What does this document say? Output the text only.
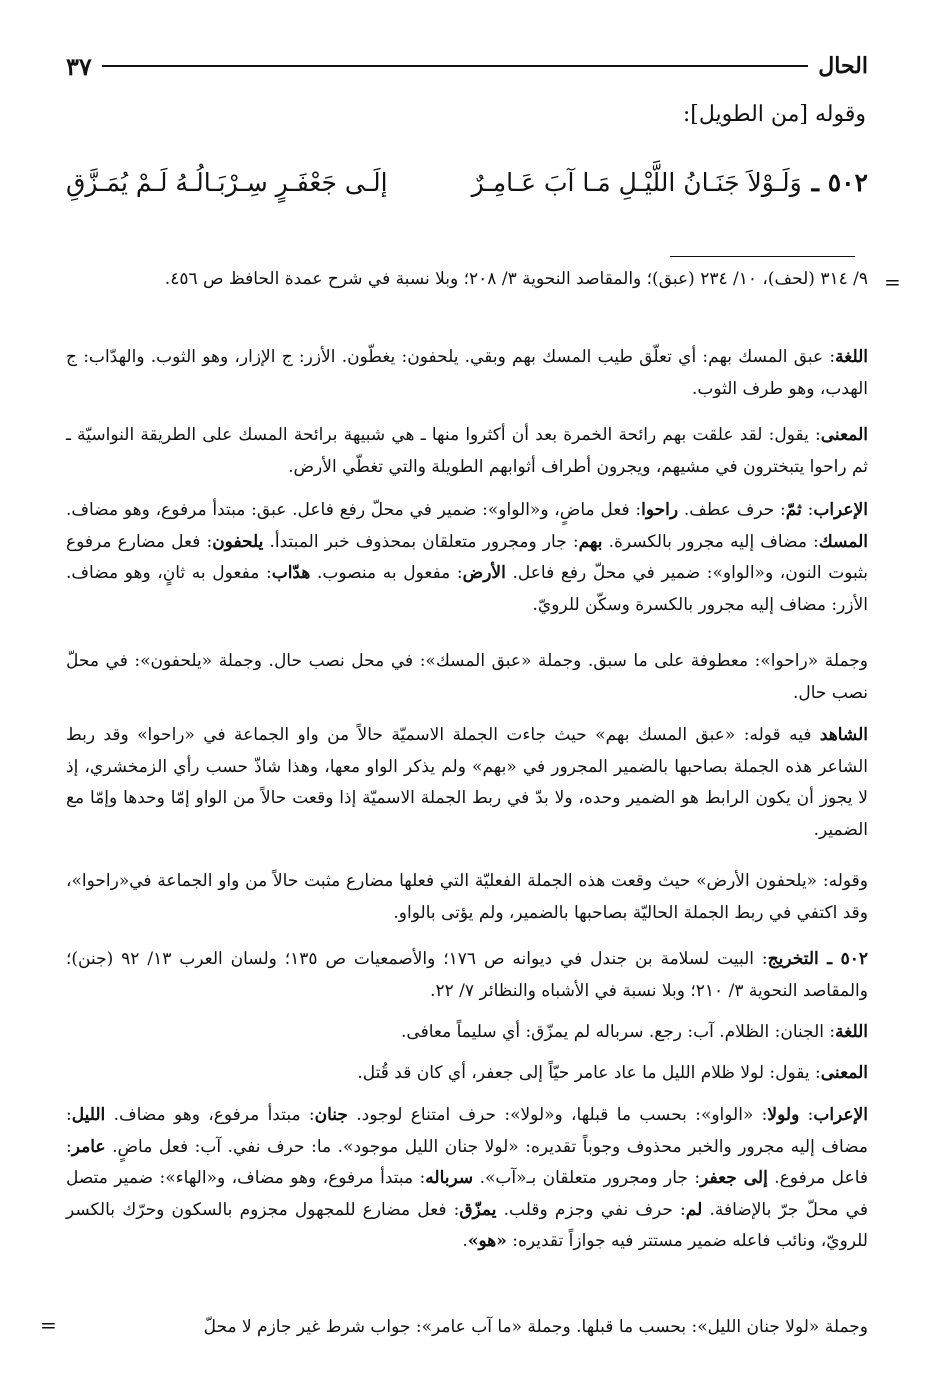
الحال
٣٧
وقوله [من الطويل]:
٥٠٢ ـ
وَلَـوْلاَ جَنَـانُ اللَّيْـلِ مَـا آبَ عَـامِـرٌ
إلَـى جَعْفَـرٍ سِـرْبَـالُـهُ لَـمْ يُمَـزَّقِ
=
=

٩/ ٣١٤ (لحف)، ١٠/ ٢٣٤ (عبق)؛ والمقاصد النحوية ٣/ ٢٠٨؛ وبلا نسبة في شرح عمدة الحافظ ص ٤٥٦.

اللغة: عبق المسك بهم: أي تعلّق طيب المسك بهم وبقي. يلحفون: يغطّون. الأزر: ج الإزار، وهو الثوب. والهدّاب: ج الهدب، وهو طرف الثوب.

المعنى: يقول: لقد علقت بهم رائحة الخمرة بعد أن أكثروا منها ـ هي شبيهة برائحة المسك على الطريقة النواسيّة ـ ثم راحوا يتبخترون في مشيهم، ويجرون أطراف أثوابهم الطويلة والتي تغطّي الأرض.

الإعراب: ثمّ: حرف عطف. راحوا: فعل ماضٍ، و«الواو»: ضمير في محلّ رفع فاعل. عبق: مبتدأ مرفوع، وهو مضاف. المسك: مضاف إليه مجرور بالكسرة. بهم: جار ومجرور متعلقان بمحذوف خبر المبتدأ. يلحفون: فعل مضارع مرفوع بثبوت النون، و«الواو»: ضمير في محلّ رفع فاعل. الأرض: مفعول به منصوب. هدّاب: مفعول به ثانٍ، وهو مضاف. الأزر: مضاف إليه مجرور بالكسرة وسكّن للرويّ.

وجملة «راحوا»: معطوفة على ما سبق. وجملة «عبق المسك»: في محل نصب حال. وجملة «يلحفون»: في محلّ نصب حال.

الشاهد فيه قوله: «عبق المسك بهم» حيث جاءت الجملة الاسميّة حالاً من واو الجماعة في «راحوا» وقد ربط الشاعر هذه الجملة بصاحبها بالضمير المجرور في «بهم» ولم يذكر الواو معها، وهذا شاذّ حسب رأي الزمخشري، إذ لا يجوز أن يكون الرابط هو الضمير وحده، ولا بدّ في ربط الجملة الاسميّة إذا وقعت حالاً من الواو إمّا وحدها وإمّا مع الضمير.

وقوله: «يلحفون الأرض» حيث وقعت هذه الجملة الفعليّة التي فعلها مضارع مثبت حالاً من واو الجماعة في«راحوا»، وقد اكتفي في ربط الجملة الحاليّة بصاحبها بالضمير، ولم يؤتى بالواو.

٥٠٢ ـ التخريج: البيت لسلامة بن جندل في ديوانه ص ١٧٦؛ والأصمعيات ص ١٣٥؛ ولسان العرب ١٣/ ٩٢ (جنن)؛ والمقاصد النحوية ٣/ ٢١٠؛ وبلا نسبة في الأشباه والنظائر ٧/ ٢٢.

اللغة: الجنان: الظلام. آب: رجع. سرباله لم يمزّق: أي سليماً معافى.

المعنى: يقول: لولا ظلام الليل ما عاد عامر حيّاً إلى جعفر، أي كان قد قُتل.

الإعراب: ولولا: «الواو»: بحسب ما قبلها، و«لولا»: حرف امتناع لوجود. جنان: مبتدأ مرفوع، وهو مضاف. الليل: مضاف إليه مجرور والخبر محذوف وجوباً تقديره: «لولا جنان الليل موجود». ما: حرف نفي. آب: فعل ماضٍ. عامر: فاعل مرفوع. إلى جعفر: جار ومجرور متعلقان بـ«آب». سرباله: مبتدأ مرفوع، وهو مضاف، و«الهاء»: ضمير متصل في محلّ جرّ بالإضافة. لم: حرف نفي وجزم وقلب. يمزّق: فعل مضارع للمجهول مجزوم بالسكون وحرّك بالكسر للرويّ، ونائب فاعله ضمير مستتر فيه جوازاً تقديره: «هو».

وجملة «لولا جنان الليل»: بحسب ما قبلها. وجملة «ما آب عامر»: جواب شرط غير جازم لا محلّ
